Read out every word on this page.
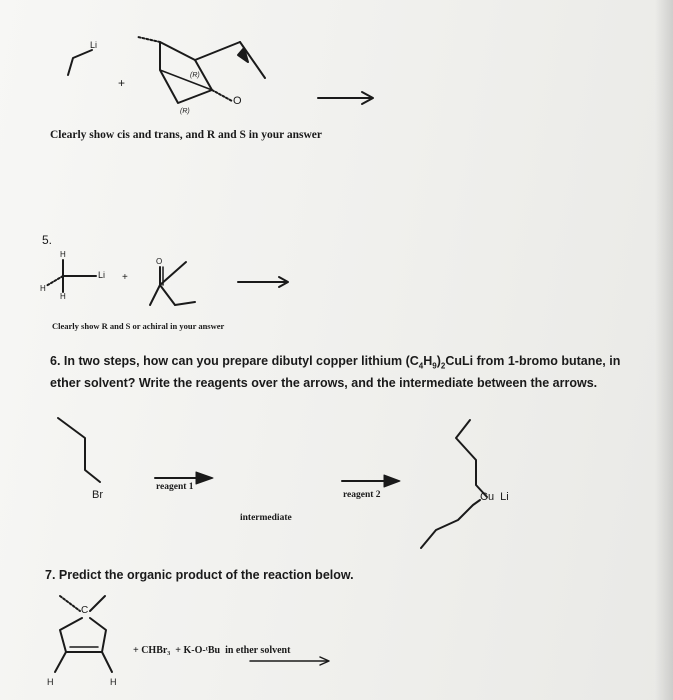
Li
+
(R)
(R)
O
Clearly show cis and trans, and R and S in your answer
5.
H
H
H
Li +
O
Clearly show R and S or achiral in your answer
6. In two steps, how can you prepare dibutyl copper lithium $(C_4H_9)_2CuLi$ from 1-bromo butane, in ether solvent? Write the reagents over the arrows, and the intermediate between the arrows.
Br
reagent 1
reagent 2
intermediate
Cu  Li
7. Predict the organic product of the reaction below.
C
H	H
+ CHBr₃  + K-O-ᵗBu  in ether solvent
